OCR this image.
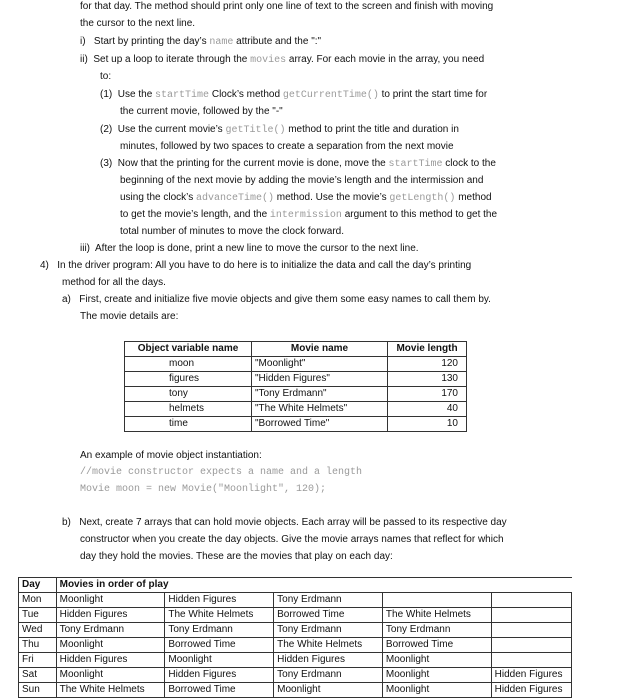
for that day. The method should print only one line of text to the screen and finish with moving
the cursor to the next line.
i) Start by printing the day’s name attribute and the ":"
ii) Set up a loop to iterate through the movies array. For each movie in the array, you need
to:
(1) Use the startTime Clock’s method getCurrentTime() to print the start time for
the current movie, followed by the "-"
(2) Use the current movie’s getTitle() method to print the title and duration in
minutes, followed by two spaces to create a separation from the next movie
(3) Now that the printing for the current movie is done, move the startTime clock to the
beginning of the next movie by adding the movie’s length and the intermission and
using the clock’s advanceTime() method. Use the movie’s getLength() method
to get the movie’s length, and the intermission argument to this method to get the
total number of minutes to move the clock forward.
iii) After the loop is done, print a new line to move the cursor to the next line.
4) In the driver program: All you have to do here is to initialize the data and call the day’s printing
method for all the days.
a) First, create and initialize five movie objects and give them some easy names to call them by.
The movie details are:
Object variable name	Movie name	Movie length
moon	"Moonlight"	120
figures	"Hidden Figures"	130
tony	"Tony Erdmann"	170
helmets	"The White Helmets"	40
time	"Borrowed Time"	10
An example of movie object instantiation:
//movie constructor expects a name and a length
Movie moon = new Movie("Moonlight", 120);
b) Next, create 7 arrays that can hold movie objects. Each array will be passed to its respective day
constructor when you create the day objects. Give the movie arrays names that reflect for which
day they hold the movies. These are the movies that play on each day:
Day	Movies in order of play				
Mon	Moonlight	Hidden Figures	Tony Erdmann		
Tue	Hidden Figures	The White Helmets	Borrowed Time	The White Helmets	
Wed	Tony Erdmann	Tony Erdmann	Tony Erdmann	Tony Erdmann	
Thu	Moonlight	Borrowed Time	The White Helmets	Borrowed Time	
Fri	Hidden Figures	Moonlight	Hidden Figures	Moonlight	
Sat	Moonlight	Hidden Figures	Tony Erdmann	Moonlight	Hidden Figures
Sun	The White Helmets	Borrowed Time	Moonlight	Moonlight	Hidden Figures
